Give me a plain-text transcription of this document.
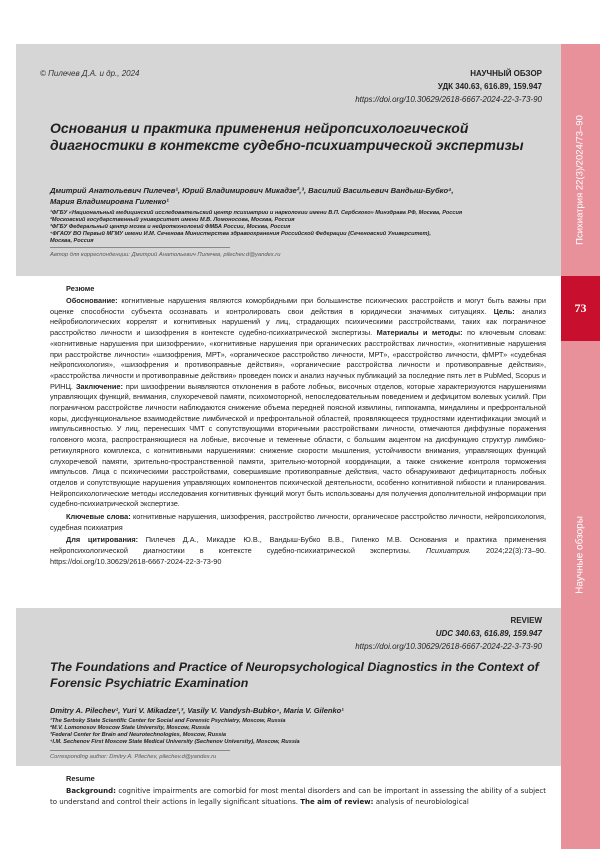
Психиатрия 22(3)/2024/73–90
73
Научные обзоры
© Пилечев Д.А. и др., 2024	НАУЧНЫЙ ОБЗОР
УДК 340.63, 616.89, 159.947
https://doi.org/10.30629/2618-6667-2024-22-3-73-90
Основания и практика применения нейропсихологической диагностики в контексте судебно-психиатрической экспертизы
Дмитрий Анатольевич Пилечев¹, Юрий Владимирович Микадзе²,³, Василий Васильевич Вандыш-Бубко⁴,
Мария Владимировна Гиленко¹
¹ФГБУ «Национальный медицинский исследовательский центр психиатрии и наркологии имени В.П. Сербского» Минздрава РФ, Москва, Россия
²Московский государственный университет имени М.В. Ломоносова, Москва, Россия
³ФГБУ Федеральный центр мозга и нейротехнологий ФМБА России, Москва, Россия
⁴ФГАОУ ВО Первый МГМУ имени И.М. Сеченова Министерства здравоохранения Российской Федерации (Сеченовский Университет),
Москва, Россия
Автор для корреспонденции: Дмитрий Анатольевич Пилечев, pilechev.d@yandex.ru
Резюме
Обоснование: когнитивные нарушения являются коморбидными при большинстве психических расстройств и могут быть важны при оценке способности субъекта осознавать и контролировать свои действия в юридически значимых ситуациях. Цель: анализ нейробиологических коррелят и когнитивных нарушений у лиц, страдающих психическими расстройствами, таких как пограничное расстройство личности и шизофрения в контексте судебно-психиатрической экспертизы. Материалы и методы: по ключевым словам: «когнитивные нарушения при шизофрении», «когнитивные нарушения при органических расстройствах личности», «когнитивные нарушения при расстройстве личности» «шизофрения, МРТ», «органическое расстройство личности, МРТ», «расстройство личности, фМРТ» «судебная нейропсихология», «шизофрения и противоправные действия», «органические расстройства личности и противоправные действия», «расстройства личности и противоправные действия» проведен поиск и анализ научных публикаций за последние пять лет в PubMed, Scopus и РИНЦ. Заключение: при шизофрении выявляются отклонения в работе лобных, височных отделов, которые характеризуются нарушениями управляющих функций, внимания, слухоречевой памяти, психомоторной, непоследовательным поведением и дефицитом волевых усилий. При пограничном расстройстве личности наблюдаются снижение объема передней поясной извилины, гиппокампа, миндалины и префронтальной коры, дисфункциональное взаимодействие лимбической и префронтальной областей, проявляющееся трудностями идентификации эмоций и импульсивностью. У лиц, перенесших ЧМТ с сопутствующими вторичными расстройствами личности, отмечаются диффузные поражения головного мозга, распространяющиеся на лобные, височные и теменные области, с большим акцентом на дисфункцию структур лимбико-ретикулярного комплекса, с когнитивными нарушениями: снижение скорости мышления, устойчивости внимания, управляющих функций слухоречевой памяти, зрительно-пространственной памяти, зрительно-моторной координации, а также снижение контроля торможения импульсов. Лица с психическими расстройствами, совершившие противоправные действия, часто обнаруживают дефицитарность лобных отделов и сопутствующие нарушения управляющих компонентов психической деятельности, особенно когнитивной гибкости и планирования. Нейропсихологические методы исследования когнитивных функций могут быть использованы для получения дополнительной информации при судебно-психиатрической экспертизе.
Ключевые слова: когнитивные нарушения, шизофрения, расстройство личности, органическое расстройство личности, нейропсихология, судебная психиатрия
Для цитирования: Пилечев Д.А., Микадзе Ю.В., Вандыш-Бубко В.В., Гиленко М.В. Основания и практика применения нейропсихологической диагностики в контексте судебно-психиатрической экспертизы. Психиатрия. 2024;22(3):73–90. https://doi.org/10.30629/2618-6667-2024-22-3-73-90
REVIEW
UDC 340.63, 616.89, 159.947
https://doi.org/10.30629/2618-6667-2024-22-3-73-90
The Foundations and Practice of Neuropsychological Diagnostics in the Context of Forensic Psychiatric Examination
Dmitry A. Pilechev¹, Yuri V. Mikadze²,³, Vasily V. Vandysh-Bubko⁴, Maria V. Gilenko¹
¹The Serbsky State Scientific Center for Social and Forensic Psychiatry, Moscow, Russia
²M.V. Lomonosov Moscow State University, Moscow, Russia
³Federal Center for Brain and Neurotechnologies, Moscow, Russia
⁴I.M. Sechenov First Moscow State Medical University (Sechenov University), Moscow, Russia
Corresponding author: Dmitry A. Pilechev, pilechev.d@yandex.ru
Resume
Background: cognitive impairments are comorbid for most mental disorders and can be important in assessing the ability of a subject to understand and control their actions in legally significant situations. The aim of review: analysis of neurobiological
